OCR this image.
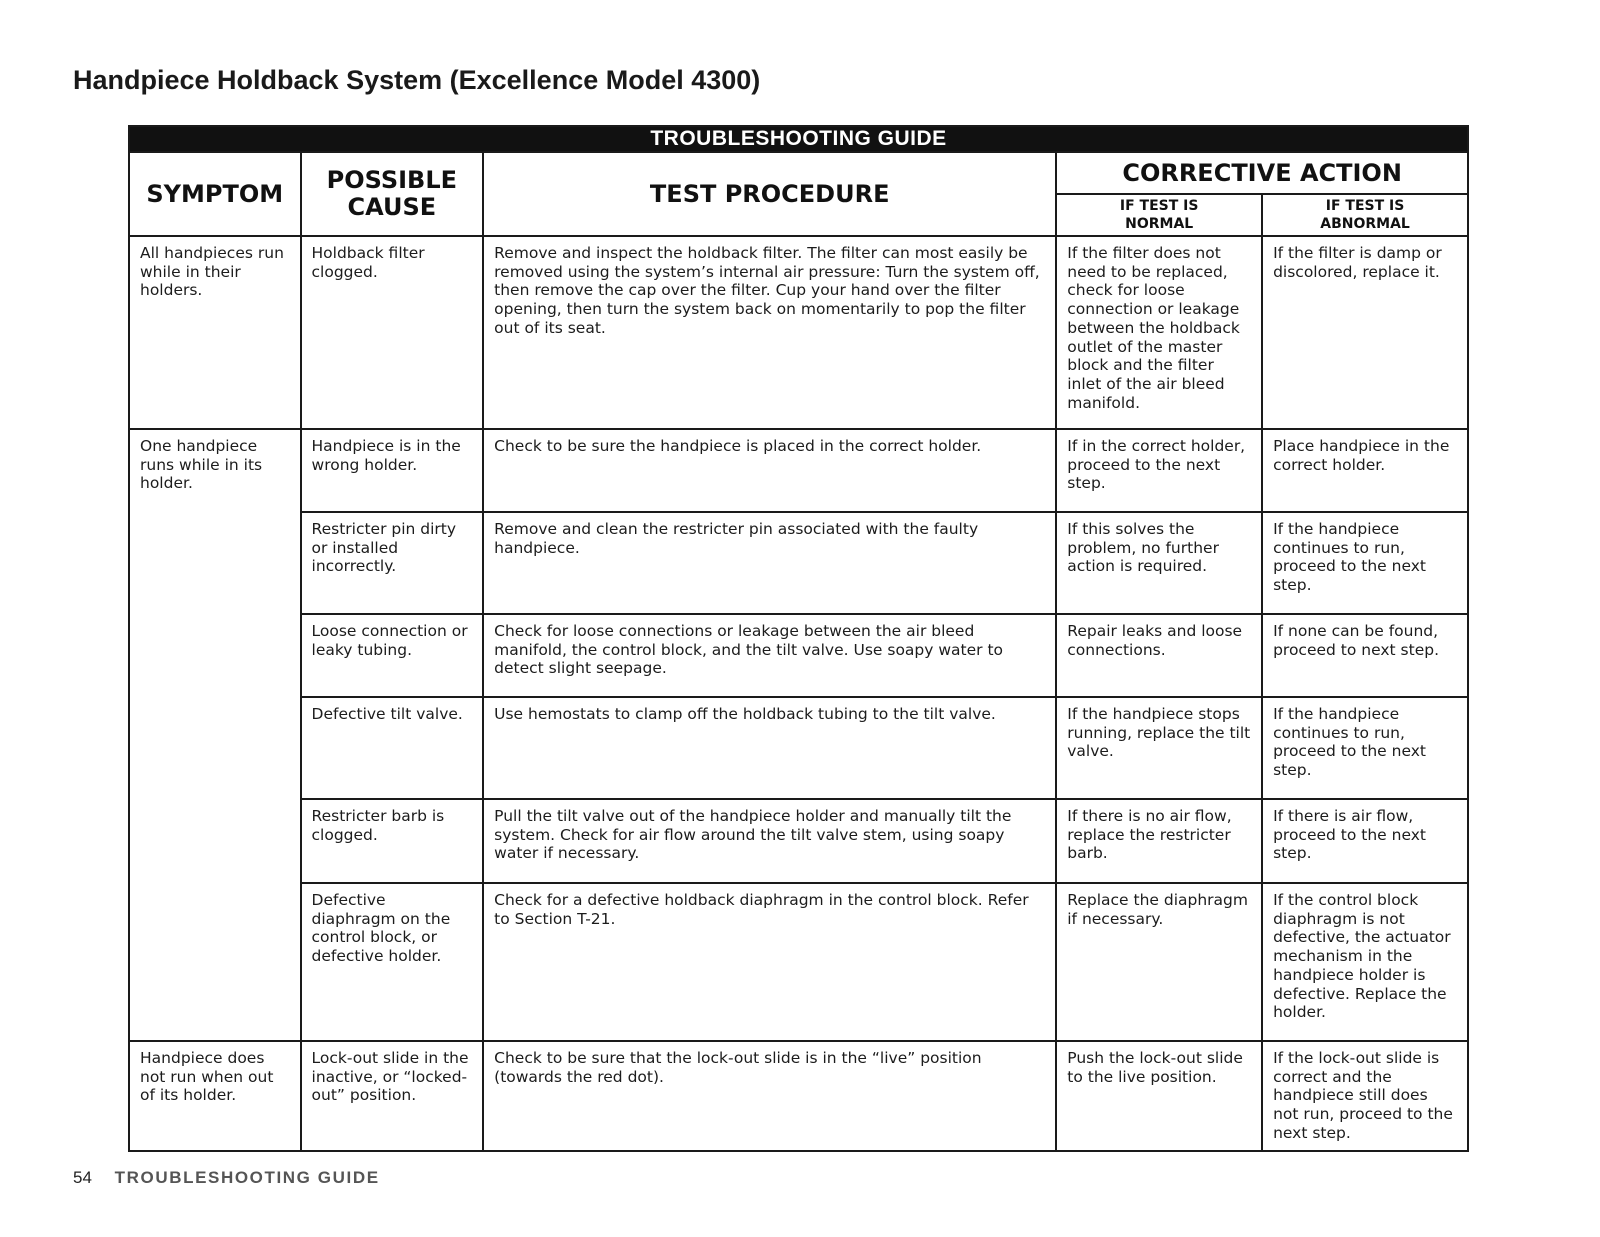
Handpiece Holdback System (Excellence Model 4300)
TROUBLESHOOTING GUIDE				
SYMPTOM	POSSIBLE CAUSE	TEST PROCEDURE	CORRECTIVE ACTION	
			IF TEST IS NORMAL	IF TEST IS ABNORMAL
All handpieces run while in their holders.	Holdback filter clogged.	Remove and inspect the holdback filter. The filter can most easily be removed using the system’s internal air pressure: Turn the system off, then remove the cap over the filter. Cup your hand over the filter opening, then turn the system back on momentarily to pop the filter out of its seat.	If the filter does not need to be replaced, check for loose connection or leakage between the holdback outlet of the master block and the filter inlet of the air bleed manifold.	If the filter is damp or discolored, replace it.
One handpiece runs while in its holder.	Handpiece is in the wrong holder.	Check to be sure the handpiece is placed in the correct holder.	If in the correct holder, proceed to the next step.	Place handpiece in the correct holder.
	Restricter pin dirty or installed incorrectly.	Remove and clean the restricter pin associated with the faulty handpiece.	If this solves the problem, no further action is required.	If the handpiece continues to run, proceed to the next step.
	Loose connection or leaky tubing.	Check for loose connections or leakage between the air bleed manifold, the control block, and the tilt valve. Use soapy water to detect slight seepage.	Repair leaks and loose connections.	If none can be found, proceed to next step.
	Defective tilt valve.	Use hemostats to clamp off the holdback tubing to the tilt valve.	If the handpiece stops running, replace the tilt valve.	If the handpiece continues to run, proceed to the next step.
	Restricter barb is clogged.	Pull the tilt valve out of the handpiece holder and manually tilt the system. Check for air flow around the tilt valve stem, using soapy water if necessary.	If there is no air flow, replace the restricter barb.	If there is air flow, proceed to the next step.
	Defective diaphragm on the control block, or defective holder.	Check for a defective holdback diaphragm in the control block. Refer to Section T-21.	Replace the diaphragm if necessary.	If the control block diaphragm is not defective, the actuator mechanism in the handpiece holder is defective. Replace the holder.
Handpiece does not run when out of its holder.	Lock-out slide in the inactive, or “locked-out” position.	Check to be sure that the lock-out slide is in the “live” position (towards the red dot).	Push the lock-out slide to the live position.	If the lock-out slide is correct and the handpiece still does not run, proceed to the next step.
54 TROUBLESHOOTING GUIDE
